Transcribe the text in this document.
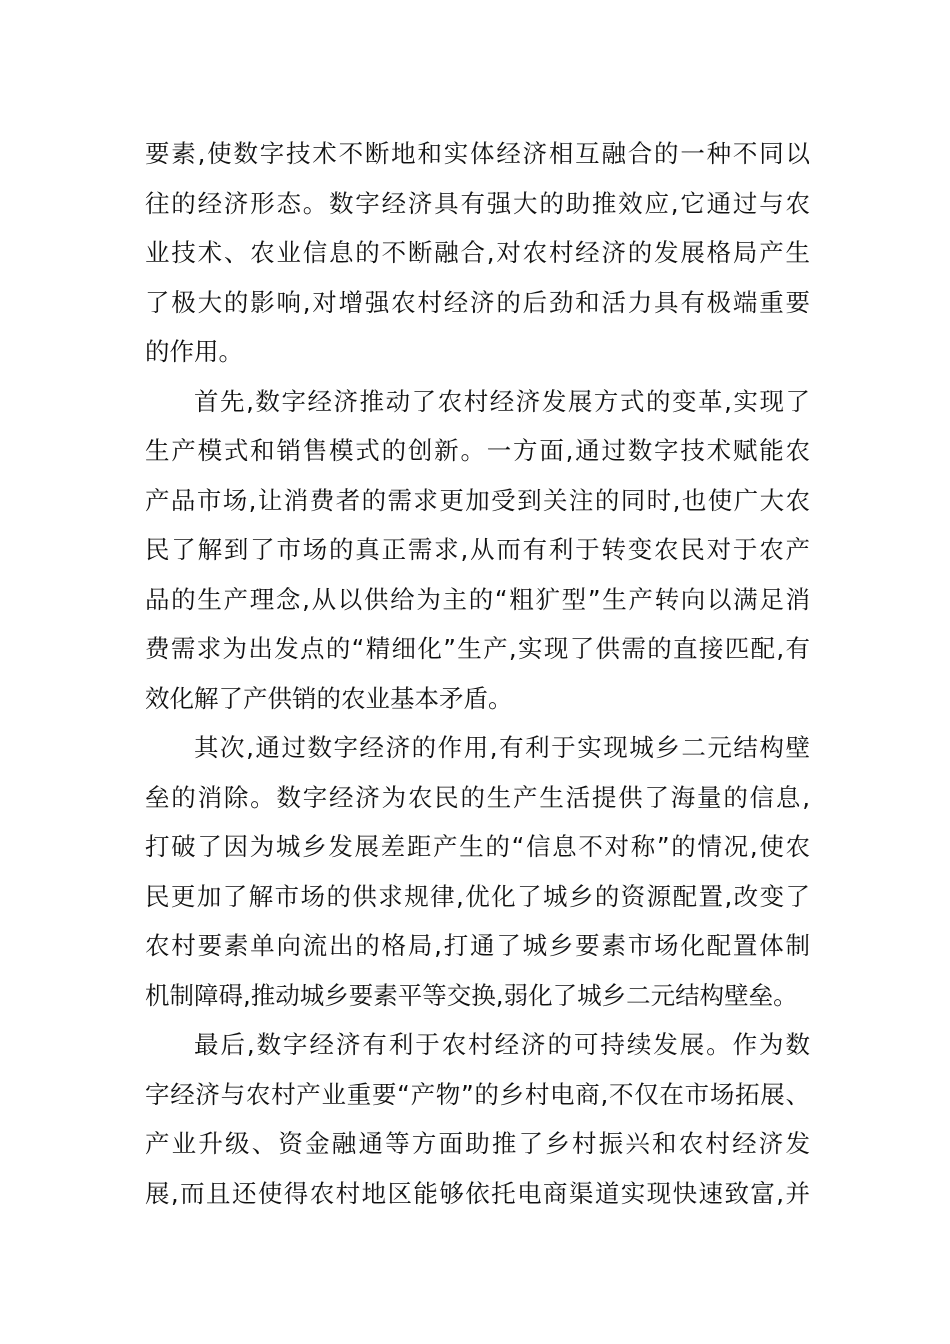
要素,使数字技术不断地和实体经济相互融合的一种不同以
往的经济形态。数字经济具有强大的助推效应,它通过与农
业技术、农业信息的不断融合,对农村经济的发展格局产生
了极大的影响,对增强农村经济的后劲和活力具有极端重要
的作用。
首先,数字经济推动了农村经济发展方式的变革,实现了
生产模式和销售模式的创新。一方面,通过数字技术赋能农
产品市场,让消费者的需求更加受到关注的同时,也使广大农
民了解到了市场的真正需求,从而有利于转变农民对于农产
品的生产理念,从以供给为主的“粗犷型”生产转向以满足消
费需求为出发点的“精细化”生产,实现了供需的直接匹配,有
效化解了产供销的农业基本矛盾。
其次,通过数字经济的作用,有利于实现城乡二元结构壁
垒的消除。数字经济为农民的生产生活提供了海量的信息,
打破了因为城乡发展差距产生的“信息不对称”的情况,使农
民更加了解市场的供求规律,优化了城乡的资源配置,改变了
农村要素单向流出的格局,打通了城乡要素市场化配置体制
机制障碍,推动城乡要素平等交换,弱化了城乡二元结构壁垒。
最后,数字经济有利于农村经济的可持续发展。作为数
字经济与农村产业重要“产物”的乡村电商,不仅在市场拓展、
产业升级、资金融通等方面助推了乡村振兴和农村经济发
展,而且还使得农村地区能够依托电商渠道实现快速致富,并
